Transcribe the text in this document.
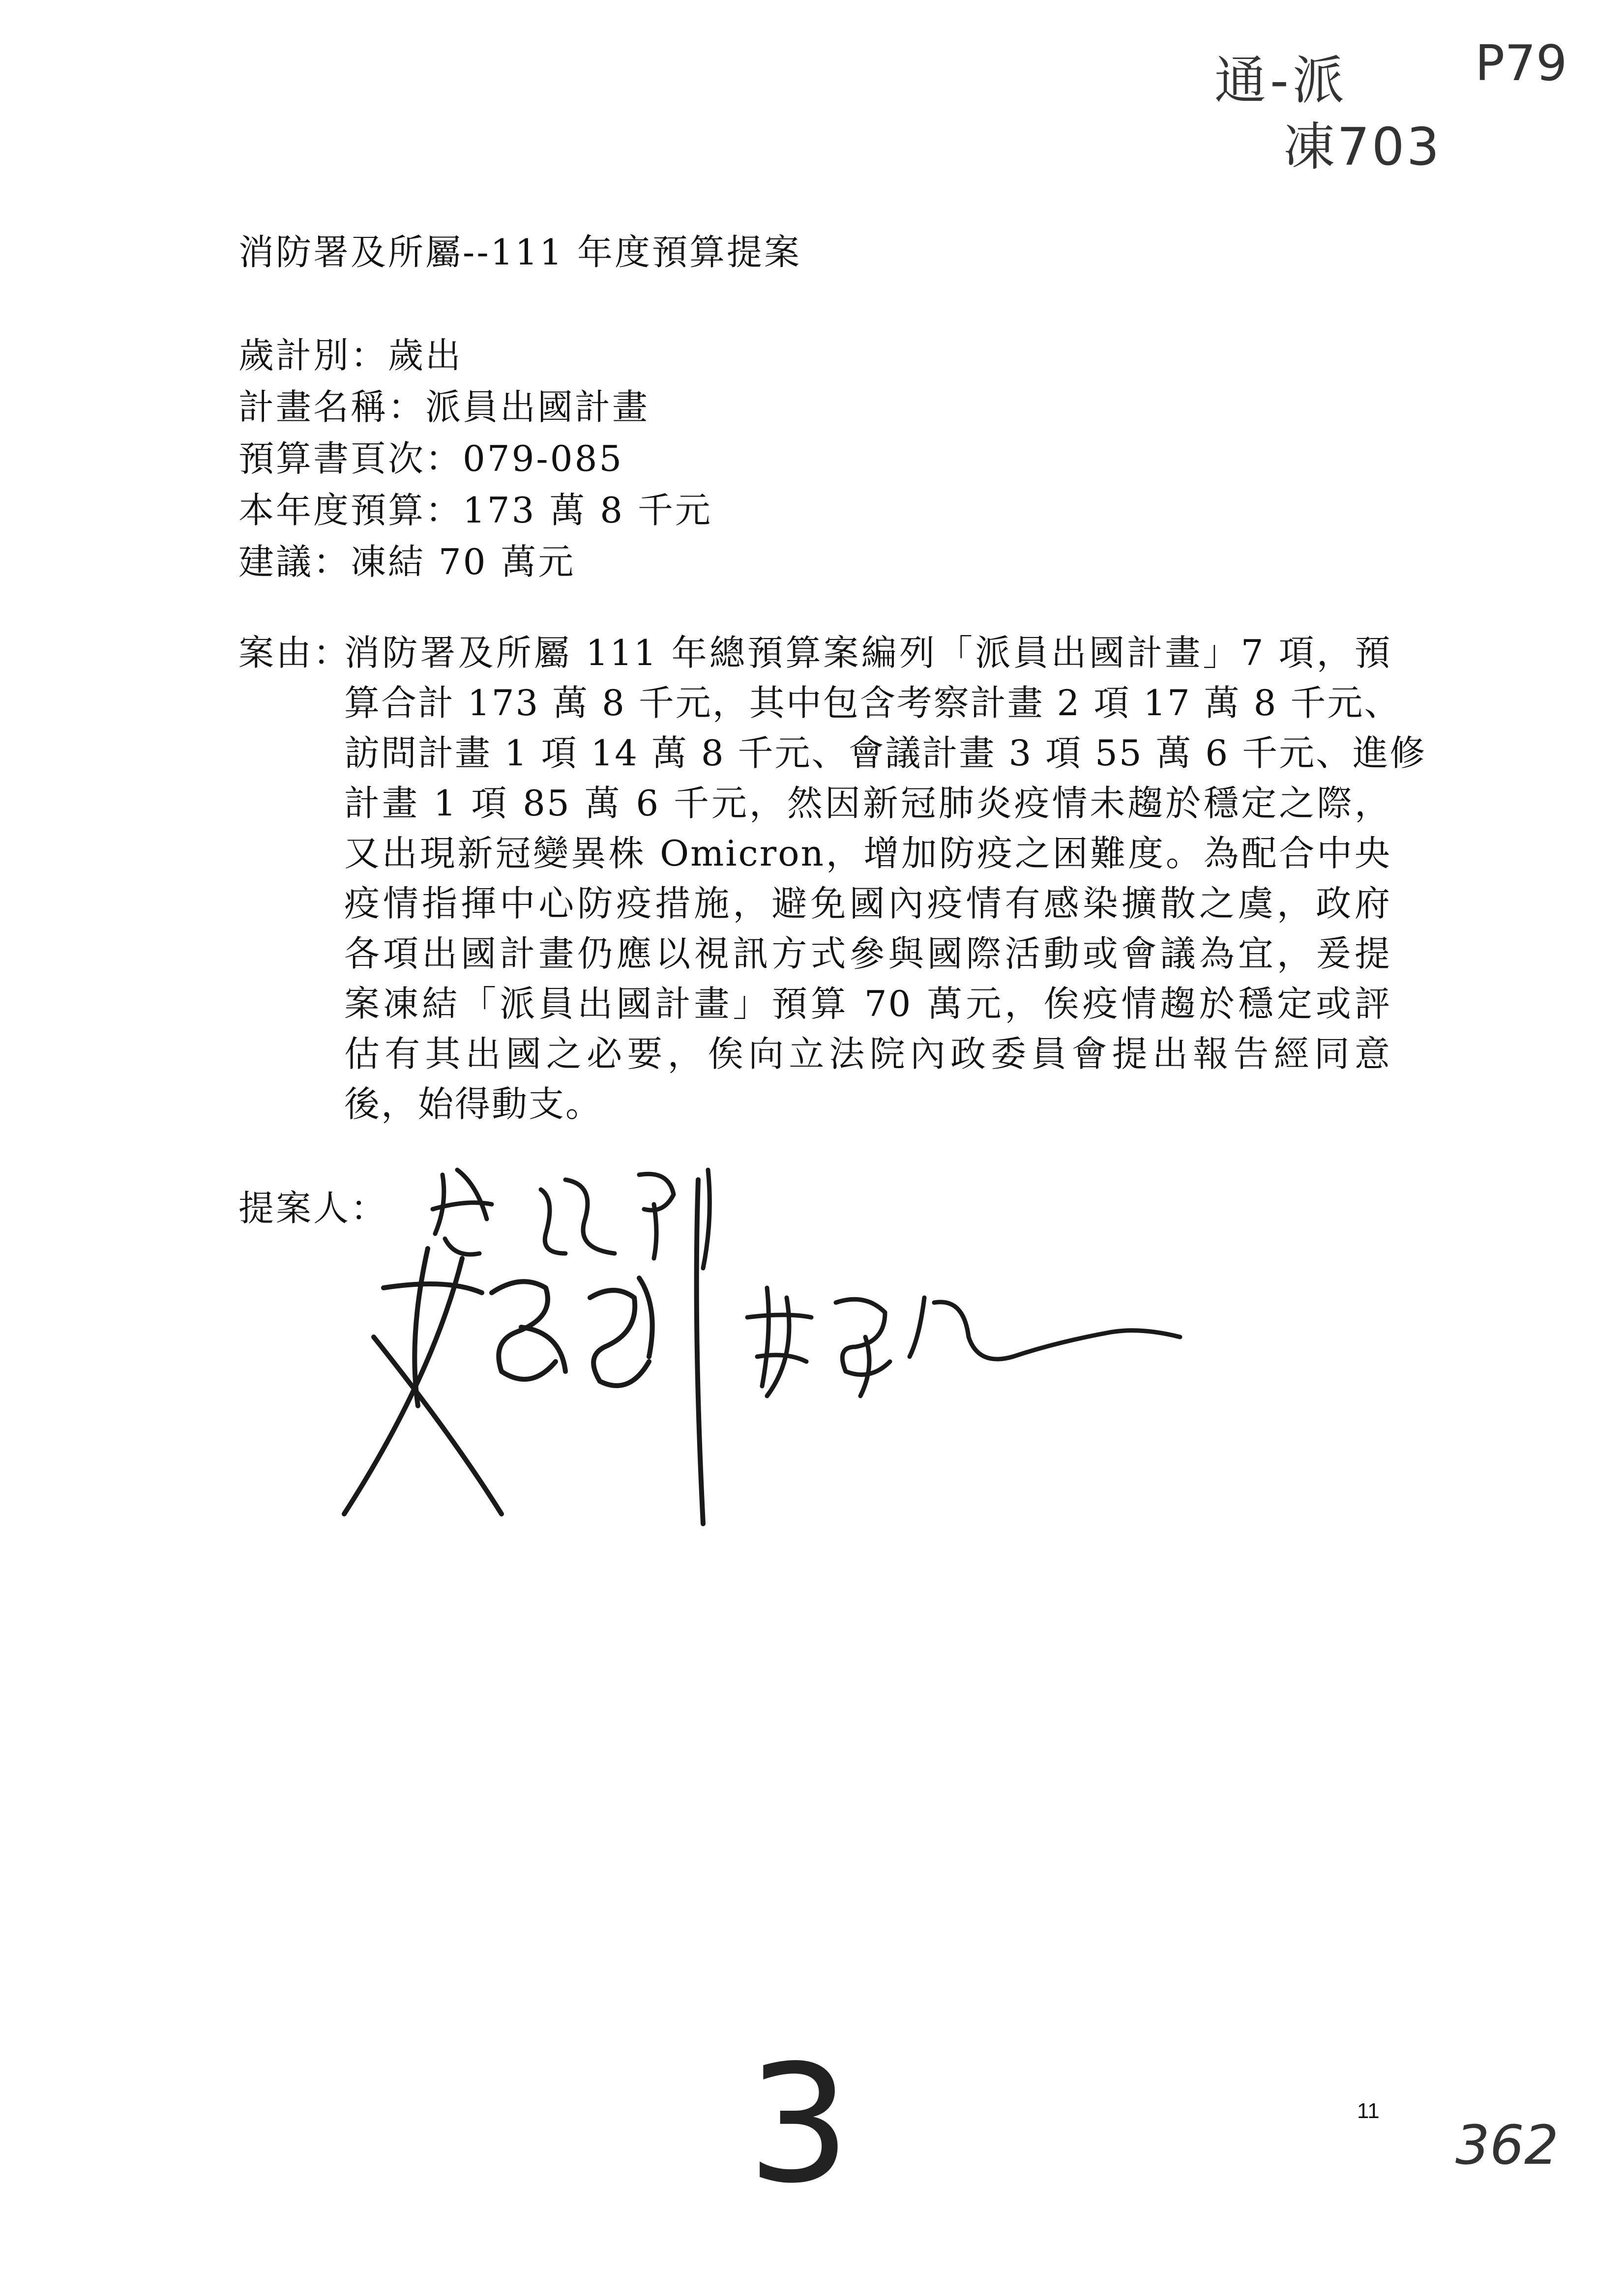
通-派
凍703
P79
消防署及所屬--111 年度預算提案
歲計別：歲出
計畫名稱：派員出國計畫
預算書頁次：079-085
本年度預算：173 萬 8 千元
建議：凍結 70 萬元
案由：
消防署及所屬 111 年總預算案編列「派員出國計畫」7 項，預
算合計 173 萬 8 千元，其中包含考察計畫 2 項 17 萬 8 千元、
訪問計畫 1 項 14 萬 8 千元、會議計畫 3 項 55 萬 6 千元、進修
計畫 1 項 85 萬 6 千元，然因新冠肺炎疫情未趨於穩定之際，
又出現新冠變異株 Omicron，增加防疫之困難度。為配合中央
疫情指揮中心防疫措施，避免國內疫情有感染擴散之虞，政府
各項出國計畫仍應以視訊方式參與國際活動或會議為宜，爰提
案凍結「派員出國計畫」預算 70 萬元，俟疫情趨於穩定或評
估有其出國之必要，俟向立法院內政委員會提出報告經同意
後，始得動支。
提案人：
3	11
362
